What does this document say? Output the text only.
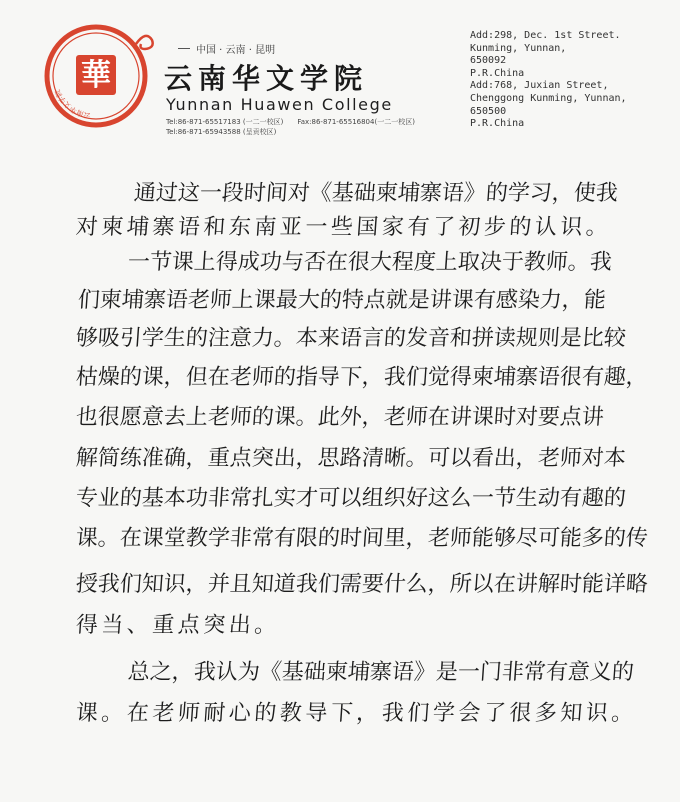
華
云南华文学院
中国 · 云南 · 昆明
云南华文学院
Yunnan Huawen College
Tel:86-871-65517183 (一二一校区) Fax:86-871-65516804(一二一校区)
Tel:86-871-65943588 (呈贡校区)
Add:298, Dec. 1st Street.
Kunming, Yunnan,
650092
P.R.China
Add:768, Juxian Street,
Chenggong Kunming, Yunnan,
650500
P.R.China
通过这一段时间对《基础柬埔寨语》的学习，使我
对柬埔寨语和东南亚一些国家有了初步的认识。
一节课上得成功与否在很大程度上取决于教师。我
们柬埔寨语老师上课最大的特点就是讲课有感染力，能
够吸引学生的注意力。本来语言的发音和拼读规则是比较
枯燥的课，但在老师的指导下，我们觉得柬埔寨语很有趣，
也很愿意去上老师的课。此外，老师在讲课时对要点讲
解简练准确，重点突出，思路清晰。可以看出，老师对本
专业的基本功非常扎实才可以组织好这么一节生动有趣的
课。在课堂教学非常有限的时间里，老师能够尽可能多的传
授我们知识，并且知道我们需要什么，所以在讲解时能详略
得当、重点突出。
总之，我认为《基础柬埔寨语》是一门非常有意义的
课。在老师耐心的教导下，我们学会了很多知识。
